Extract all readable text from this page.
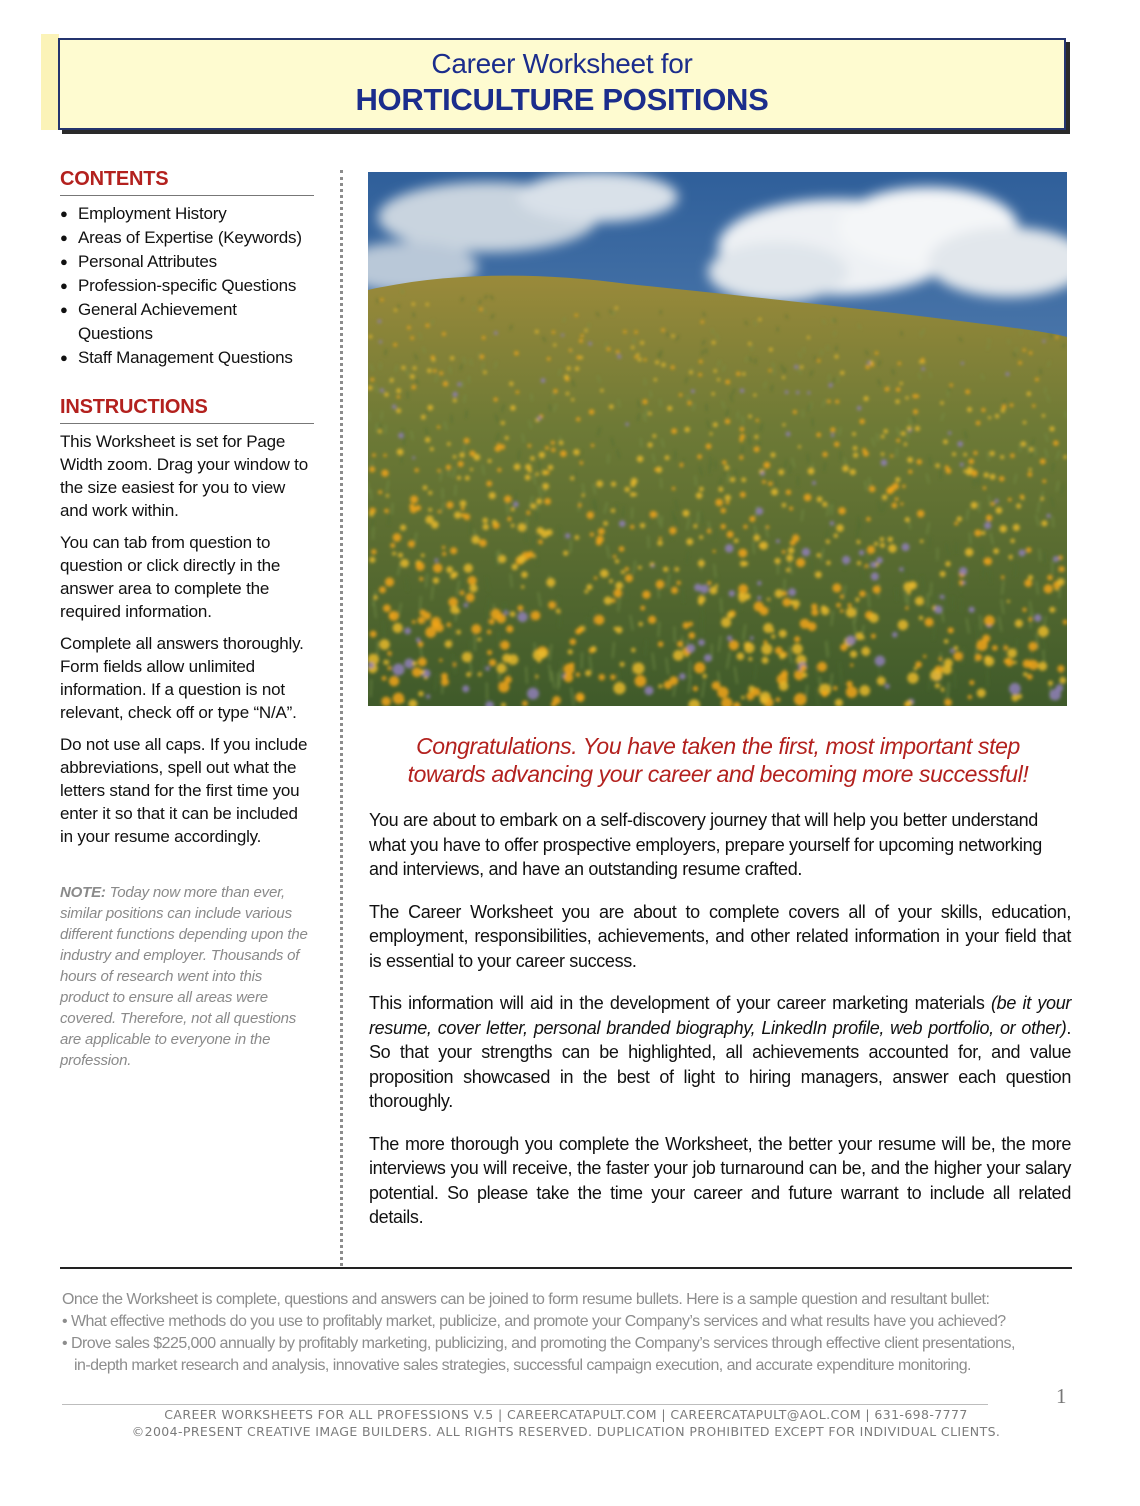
Career Worksheet for
HORTICULTURE POSITIONS
CONTENTS
● Employment History
● Areas of Expertise (Keywords)
● Personal Attributes
● Profession-specific Questions
● General Achievement Questions
● Staff Management Questions
INSTRUCTIONS

This Worksheet is set for Page Width zoom. Drag your window to the size easiest for you to view and work within.

You can tab from question to question or click directly in the answer area to complete the required information.

Complete all answers thoroughly. Form fields allow unlimited information. If a question is not relevant, check off or type “N/A”.

Do not use all caps. If you include abbreviations, spell out what the letters stand for the first time you enter it so that it can be included in your resume accordingly.

NOTE: Today now more than ever, similar positions can include various different functions depending upon the industry and employer. Thousands of hours of research went into this product to ensure all areas were covered. Therefore, not all questions are applicable to everyone in the profession.
Congratulations. You have taken the first, most important step
towards advancing your career and becoming more successful!

You are about to embark on a self-discovery journey that will help you better understand what you have to offer prospective employers, prepare yourself for upcoming networking and interviews, and have an outstanding resume crafted.

The Career Worksheet you are about to complete covers all of your skills, education, employment, responsibilities, achievements, and other related information in your field that is essential to your career success.

This information will aid in the development of your career marketing materials (be it your resume, cover letter, personal branded biography, LinkedIn profile, web portfolio, or other). So that your strengths can be highlighted, all achievements accounted for, and value proposition showcased in the best of light to hiring managers, answer each question thoroughly.

The more thorough you complete the Worksheet, the better your resume will be, the more interviews you will receive, the faster your job turnaround can be, and the higher your salary potential. So please take the time your career and future warrant to include all related details.

Once the Worksheet is complete, questions and answers can be joined to form resume bullets. Here is a sample question and resultant bullet:
• What effective methods do you use to profitably market, publicize, and promote your Company’s services and what results have you achieved?
• Drove sales $225,000 annually by profitably marketing, publicizing, and promoting the Company’s services through effective client presentations,
in-depth market research and analysis, innovative sales strategies, successful campaign execution, and accurate expenditure monitoring.
1
CAREER WORKSHEETS FOR ALL PROFESSIONS V.5 | CAREERCATAPULT.COM | CAREERCATAPULT@AOL.COM | 631-698-7777
©2004-PRESENT CREATIVE IMAGE BUILDERS. ALL RIGHTS RESERVED. DUPLICATION PROHIBITED EXCEPT FOR INDIVIDUAL CLIENTS.
